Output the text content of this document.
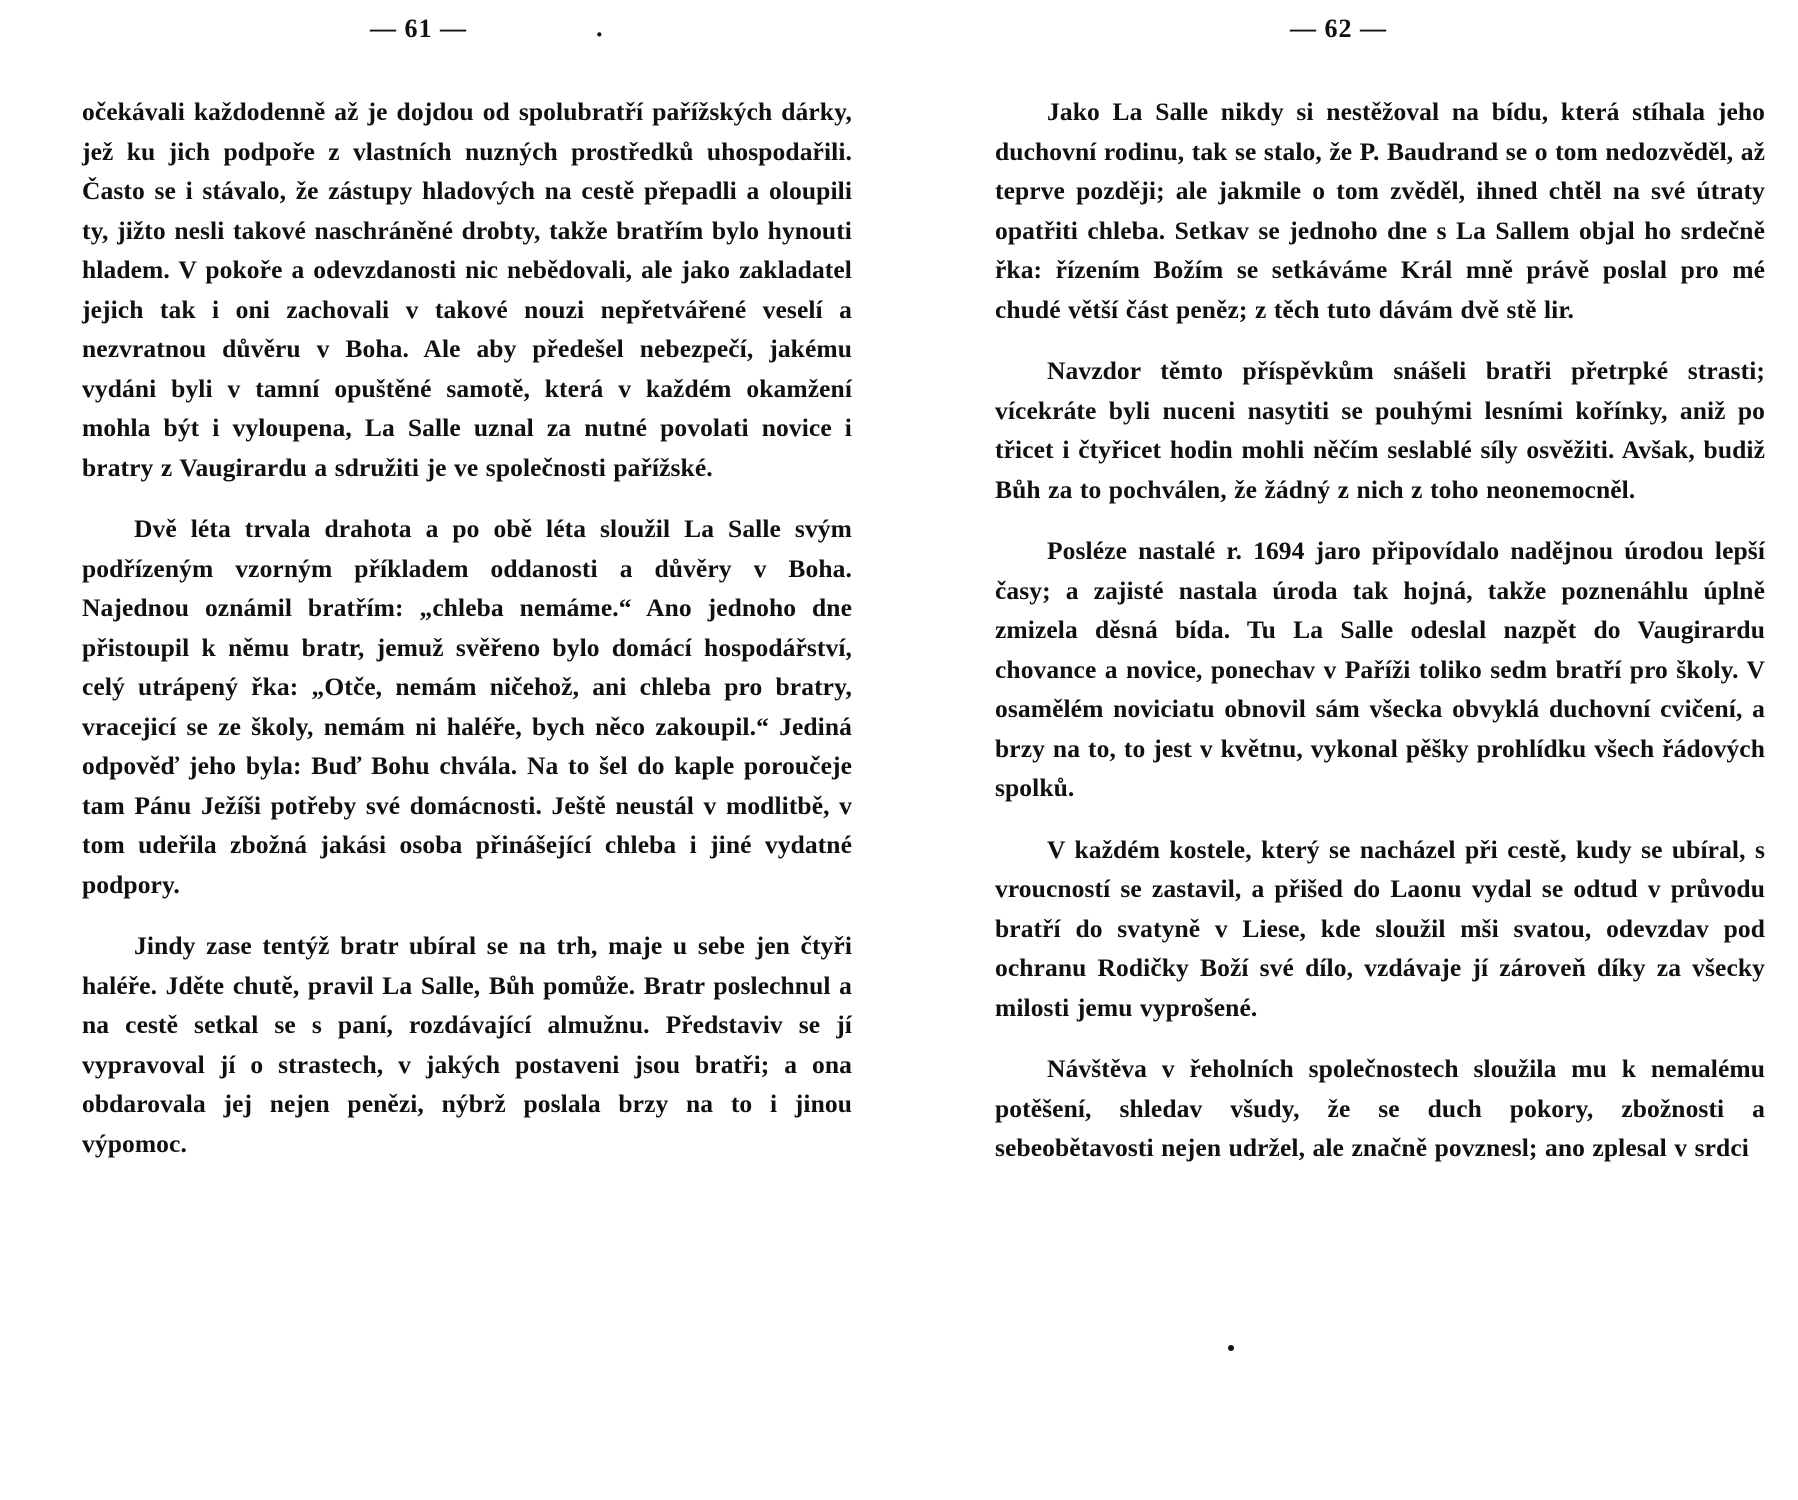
— 61 —	·	— 62 —

očekávali každodenně až je dojdou od spolubratří pařížských dárky, jež ku jich podpoře z vlastních nuzných prostředků uhospodařili. Často se i stávalo, že zástupy hladových na cestě přepadli a oloupili ty, jižto nesli takové naschráněné drobty, takže bratřím bylo hynouti hladem. V pokoře a odevzdanosti nic nebědovali, ale jako zakladatel jejich tak i oni zachovali v takové nouzi nepřetvářené veselí a nezvratnou důvěru v Boha. Ale aby předešel nebezpečí, jakému vydáni byli v tamní opuštěné samotě, která v každém okamžení mohla být i vyloupena, La Salle uznal za nutné povolati novice i bratry z Vaugirardu a sdružiti je ve společnosti pařížské.

Dvě léta trvala drahota a po obě léta sloužil La Salle svým podřízeným vzorným příkladem oddanosti a důvěry v Boha. Najednou oznámil bratřím: „chleba nemáme.“ Ano jednoho dne přistoupil k němu bratr, jemuž svěřeno bylo domácí hospodářství, celý utrápený řka: „Otče, nemám ničehož, ani chleba pro bratry, vracejicí se ze školy, nemám ni haléře, bych něco zakoupil.“ Jediná odpověď jeho byla: Buď Bohu chvála. Na to šel do kaple poroučeje tam Pánu Ježíši potřeby své domácnosti. Ještě neustál v modlitbě, v tom udeřila zbožná jakási osoba přinášející chleba i jiné vydatné podpory.

Jindy zase tentýž bratr ubíral se na trh, maje u sebe jen čtyři haléře. Jděte chutě, pravil La Salle, Bůh pomůže. Bratr poslechnul a na cestě setkal se s paní, rozdávající almužnu. Představiv se jí vypravoval jí o strastech, v jakých postaveni jsou bratři; a ona obdarovala jej nejen penězi, nýbrž poslala brzy na to i jinou výpomoc.

Jako La Salle nikdy si nestěžoval na bídu, která stíhala jeho duchovní rodinu, tak se stalo, že P. Baudrand se o tom nedozvěděl, až teprve později; ale jakmile o tom zvěděl, ihned chtěl na své útraty opatřiti chleba. Setkav se jednoho dne s La Sallem objal ho srdečně řka: řízením Božím se setkáváme Král mně právě poslal pro mé chudé větší část peněz; z těch tuto dávám dvě stě lir.

Navzdor těmto příspěvkům snášeli bratři přetrpké strasti; vícekráte byli nuceni nasytiti se pouhými lesními kořínky, aniž po třicet i čtyřicet hodin mohli něčím seslablé síly osvěžiti. Avšak, budiž Bůh za to pochválen, že žádný z nich z toho neonemocněl.

Posléze nastalé r. 1694 jaro připovídalo nadějnou úrodou lepší časy; a zajisté nastala úroda tak hojná, takže poznenáhlu úplně zmizela děsná bída. Tu La Salle odeslal nazpět do Vaugirardu chovance a novice, ponechav v Paříži toliko sedm bratří pro školy. V osamělém noviciatu obnovil sám všecka obvyklá duchovní cvičení, a brzy na to, to jest v květnu, vykonal pěšky prohlídku všech řádových spolků.

V každém kostele, který se nacházel při cestě, kudy se ubíral, s vroucností se zastavil, a přišed do Laonu vydal se odtud v průvodu bratří do svatyně v Liese, kde sloužil mši svatou, odevzdav pod ochranu Rodičky Boží své dílo, vzdávaje jí zároveň díky za všecky milosti jemu vyprošené.

Návštěva v řeholních společnostech sloužila mu k nemalému potěšení, shledav všudy, že se duch pokory, zbožnosti a sebeobětavosti nejen udržel, ale značně povznesl; ano zplesal v srdci
